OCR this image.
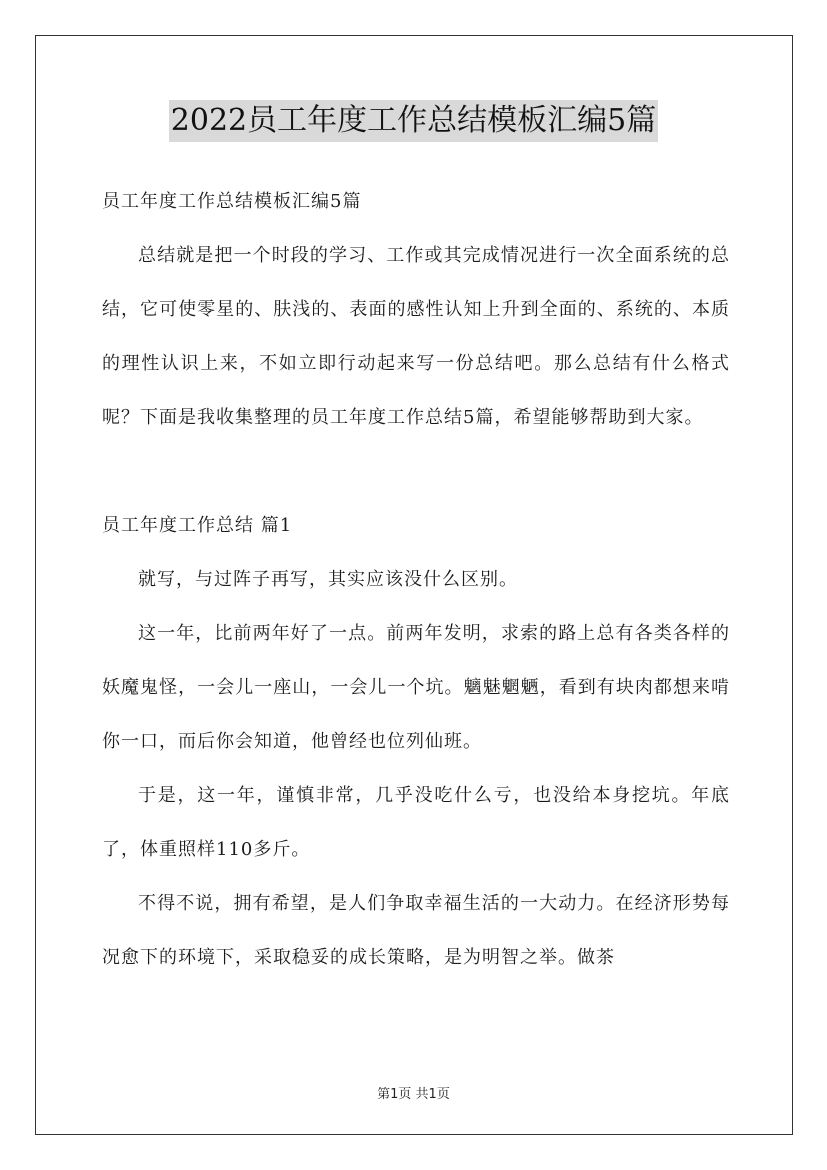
2022员工年度工作总结模板汇编5篇

员工年度工作总结模板汇编5篇

总结就是把一个时段的学习、工作或其完成情况进行一次全面系统的总结，它可使零星的、肤浅的、表面的感性认知上升到全面的、系统的、本质的理性认识上来，不如立即行动起来写一份总结吧。那么总结有什么格式呢？下面是我收集整理的员工年度工作总结5篇，希望能够帮助到大家。

员工年度工作总结 篇1

就写，与过阵子再写，其实应该没什么区别。

这一年，比前两年好了一点。前两年发明，求索的路上总有各类各样的妖魔鬼怪，一会儿一座山，一会儿一个坑。魑魅魍魉，看到有块肉都想来啃你一口，而后你会知道，他曾经也位列仙班。

于是，这一年，谨慎非常，几乎没吃什么亏，也没给本身挖坑。年底了，体重照样110多斤。

不得不说，拥有希望，是人们争取幸福生活的一大动力。在经济形势每况愈下的环境下，采取稳妥的成长策略，是为明智之举。做茶

第1页 共1页
